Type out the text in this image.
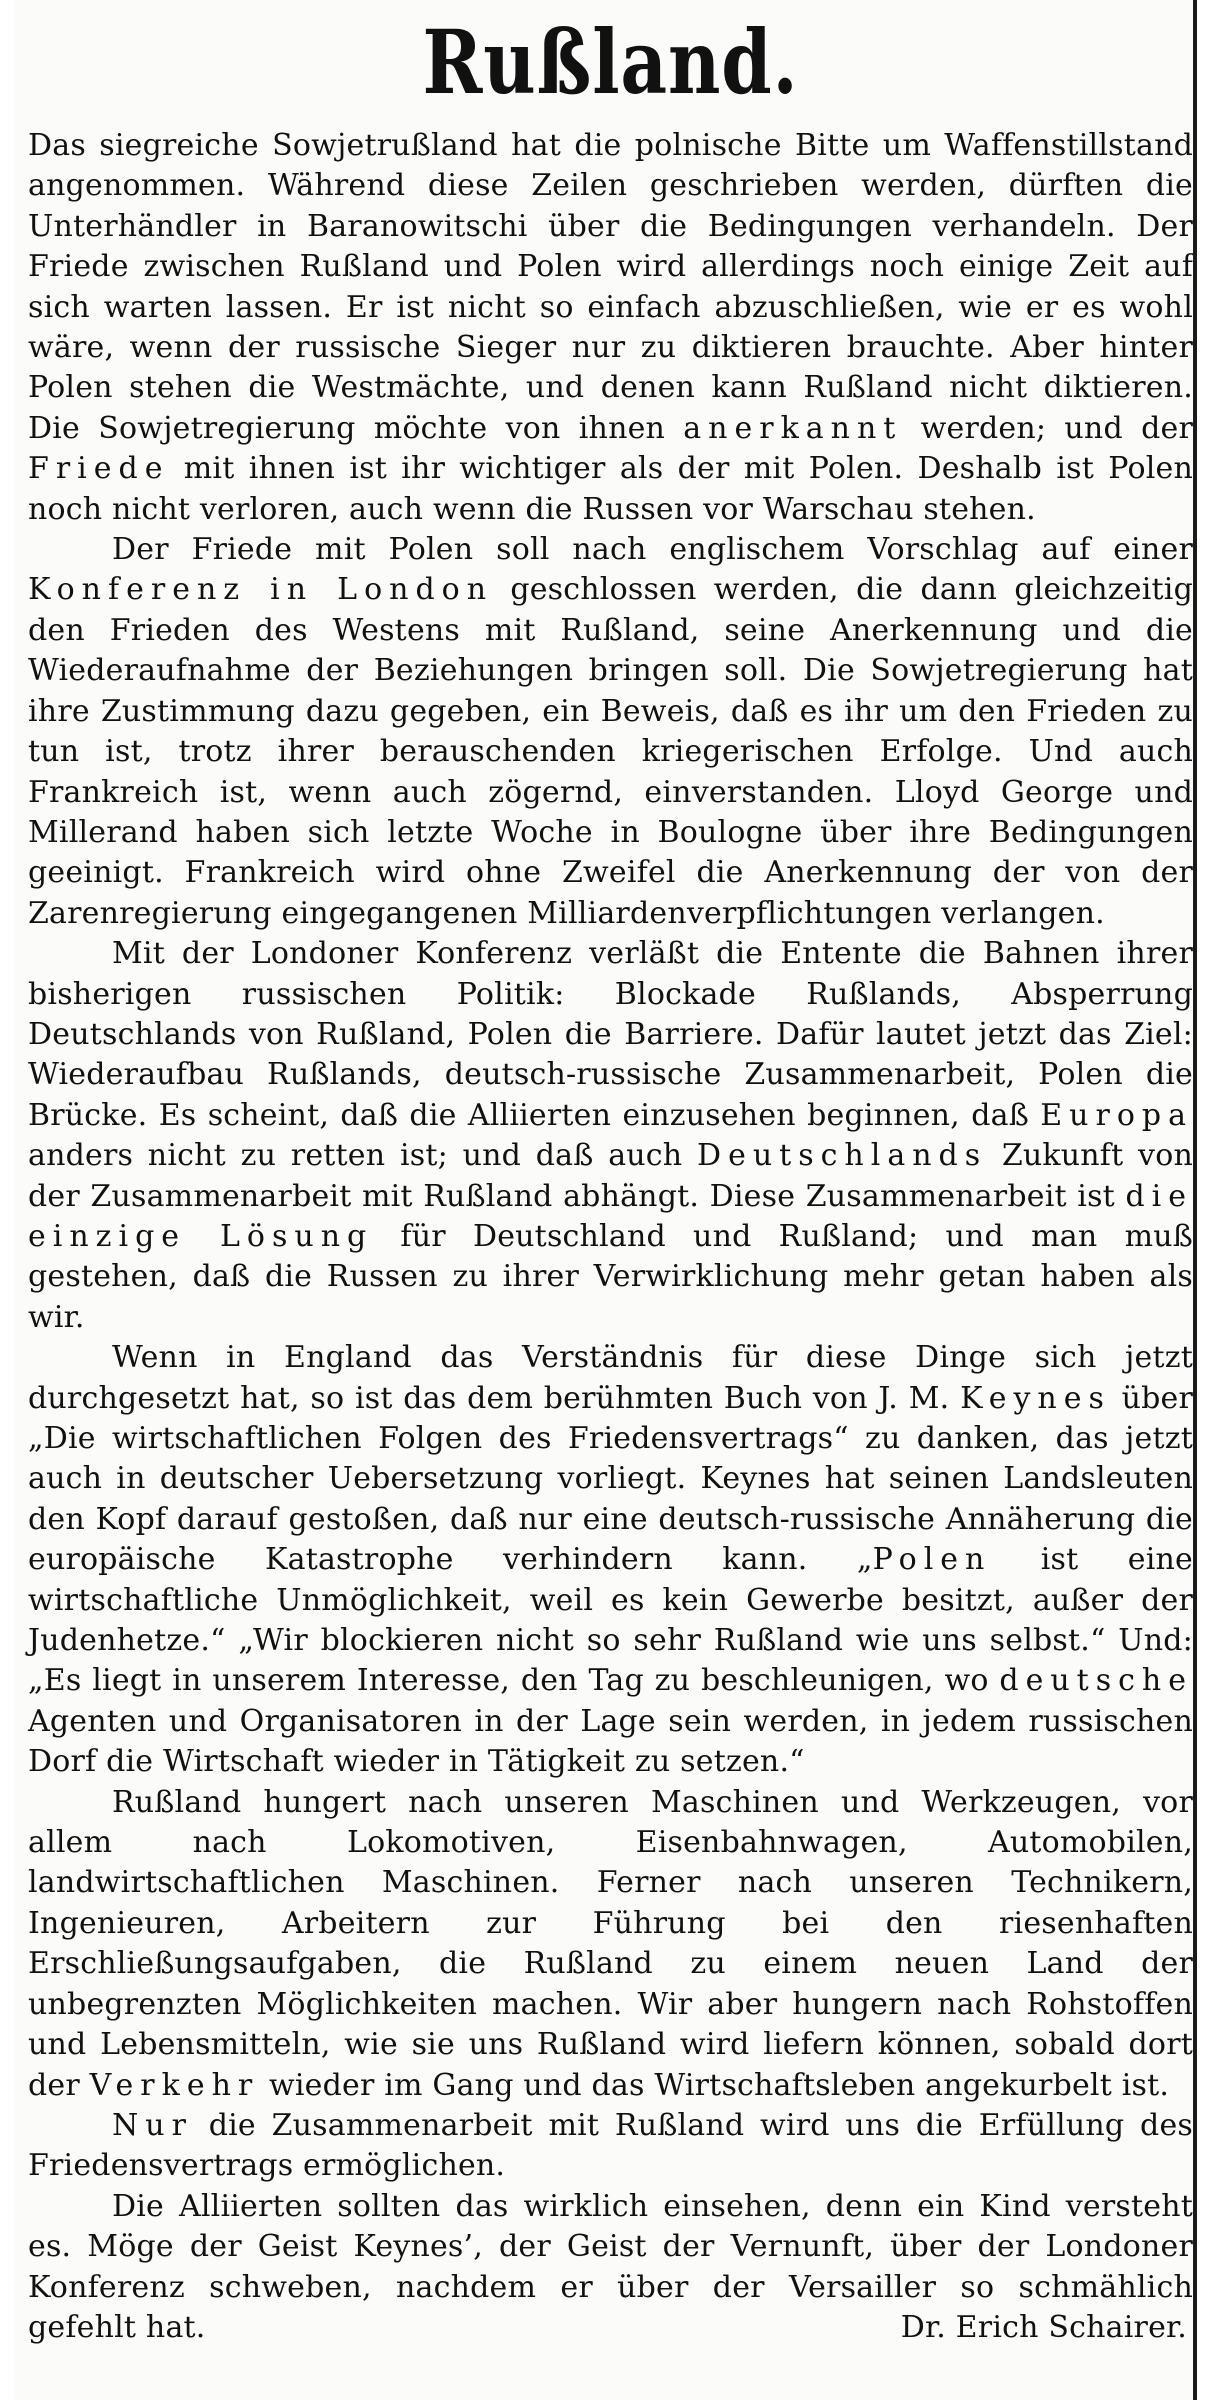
Rußland.

Das siegreiche Sowjetrußland hat die polnische Bitte um Waffenstillstand angenommen. Während diese Zeilen geschrieben werden, dürften die Unterhändler in Baranowitschi über die Bedingungen verhandeln. Der Friede zwischen Rußland und Polen wird allerdings noch einige Zeit auf sich warten lassen. Er ist nicht so einfach abzuschließen, wie er es wohl wäre, wenn der russische Sieger nur zu diktieren brauchte. Aber hinter Polen stehen die Westmächte, und denen kann Rußland nicht diktieren. Die Sowjetregierung möchte von ihnen anerkannt werden; und der Friede mit ihnen ist ihr wichtiger als der mit Polen. Deshalb ist Polen noch nicht verloren, auch wenn die Russen vor Warschau stehen.

Der Friede mit Polen soll nach englischem Vorschlag auf einer Konferenz in London geschlossen werden, die dann gleichzeitig den Frieden des Westens mit Rußland, seine Anerkennung und die Wiederaufnahme der Beziehungen bringen soll. Die Sowjetregierung hat ihre Zustimmung dazu gegeben, ein Beweis, daß es ihr um den Frieden zu tun ist, trotz ihrer berauschenden kriegerischen Erfolge. Und auch Frankreich ist, wenn auch zögernd, einverstanden. Lloyd George und Millerand haben sich letzte Woche in Boulogne über ihre Bedingungen geeinigt. Frankreich wird ohne Zweifel die Anerkennung der von der Zarenregierung eingegangenen Milliardenverpflichtungen verlangen.

Mit der Londoner Konferenz verläßt die Entente die Bahnen ihrer bisherigen russischen Politik: Blockade Rußlands, Absperrung Deutschlands von Rußland, Polen die Barriere. Dafür lautet jetzt das Ziel: Wiederaufbau Rußlands, deutsch-russische Zusammenarbeit, Polen die Brücke. Es scheint, daß die Alliierten einzusehen beginnen, daß Europa anders nicht zu retten ist; und daß auch Deutschlands Zukunft von der Zusammenarbeit mit Rußland abhängt. Diese Zusammenarbeit ist die einzige Lösung für Deutschland und Rußland; und man muß gestehen, daß die Russen zu ihrer Verwirklichung mehr getan haben als wir.

Wenn in England das Verständnis für diese Dinge sich jetzt durchgesetzt hat, so ist das dem berühmten Buch von J. M. Keynes über „Die wirtschaftlichen Folgen des Friedensvertrags“ zu danken, das jetzt auch in deutscher Uebersetzung vorliegt. Keynes hat seinen Landsleuten den Kopf darauf gestoßen, daß nur eine deutsch-russische Annäherung die europäische Katastrophe verhindern kann. „Polen ist eine wirtschaftliche Unmöglichkeit, weil es kein Gewerbe besitzt, außer der Judenhetze.“ „Wir blockieren nicht so sehr Rußland wie uns selbst.“ Und: „Es liegt in unserem Interesse, den Tag zu beschleunigen, wo deutsche Agenten und Organisatoren in der Lage sein werden, in jedem russischen Dorf die Wirtschaft wieder in Tätigkeit zu setzen.“

Rußland hungert nach unseren Maschinen und Werkzeugen, vor allem nach Lokomotiven, Eisenbahnwagen, Automobilen, landwirtschaftlichen Maschinen. Ferner nach unseren Technikern, Ingenieuren, Arbeitern zur Führung bei den riesenhaften Erschließungsaufgaben, die Rußland zu einem neuen Land der unbegrenzten Möglichkeiten machen. Wir aber hungern nach Rohstoffen und Lebensmitteln, wie sie uns Rußland wird liefern können, sobald dort der Verkehr wieder im Gang und das Wirtschaftsleben angekurbelt ist.

Nur die Zusammenarbeit mit Rußland wird uns die Erfüllung des Friedensvertrags ermöglichen.

Die Alliierten sollten das wirklich einsehen, denn ein Kind versteht es. Möge der Geist Keynes’, der Geist der Vernunft, über der Londoner Konferenz schweben, nachdem er über der Versailler so schmählich gefehlt hat.	Dr. Erich Schairer.
